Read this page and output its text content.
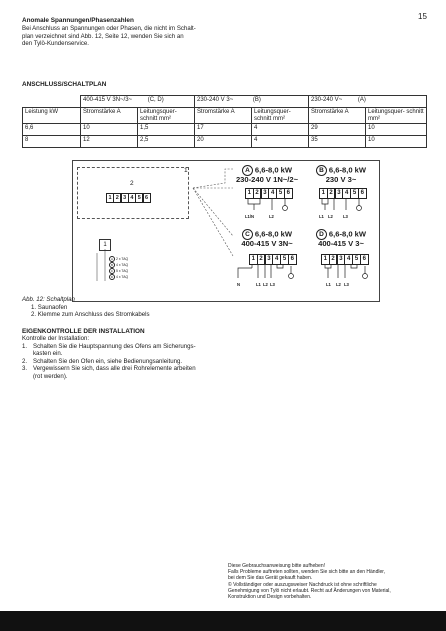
15
Anomale Spannungen/Phasenzahlen
Bei Anschluss an Spannungen oder Phasen, die nicht im Schalt-
plan verzeichnet sind Abb. 12, Seite 12, wenden Sie sich an
den Tylö-Kundenservice.
ANSCHLUSS/SCHALTPLAN
	400-415 V 3N~/3~ (C, D)		230-240 V 3~ (B)		230-240 V~ (A)	
Leistung kW	Stromstärke A	Leitungsquer- schnitt mm²	Stromstärke A	Leitungsquer- schnitt mm²	Stromstärke A	Leitungsquer- schnitt mm²
6,6	10	1,5	17	4	29	10
8	12	2,5	20	4	35	10
1
2
1 2 3 4 5 6
1
A 2 x TAQ
B 4 x TAQ
C 5 x TAQ
D 4 x TAQ
A 6,6-8,0 kW
230-240 V 1N~/2~
1 2 3 4 5 6
L1/N	L2
B 6,6-8,0 kW
230 V 3~
1 2 3 4 5 6
L1 L2 L3
C 6,6-8,0 kW
400-415 V 3N~
1 2 3 4 5 6
N	L1 L2 L3
D 6,6-8,0 kW
400-415 V 3~
1 2 3 4 5 6
L1 L2 L3
Abb. 12: Schaltplan
1. Saunaofen
2. Klemme zum Anschluss des Stromkabels
EIGENKONTROLLE DER INSTALLATION
Kontrolle der Installation:
1. Schalten Sie die Hauptspannung des Ofens am Sicherungs-
kasten ein.
2. Schalten Sie den Ofen ein, siehe Bedienungsanleitung.
3. Vergewissern Sie sich, dass alle drei Rohrelemente arbeiten
(rot werden).
Diese Gebrauchsanweisung bitte aufheben!
Falls Probleme auftreten sollten, wenden Sie sich bitte an den Händler,
bei dem Sie das Gerät gekauft haben.
© Vollständiger oder auszugsweiser Nachdruck ist ohne schriftliche
Genehmigung von Tylö nicht erlaubt. Recht auf Änderungen von Material,
Konstruktion und Design vorbehalten.
